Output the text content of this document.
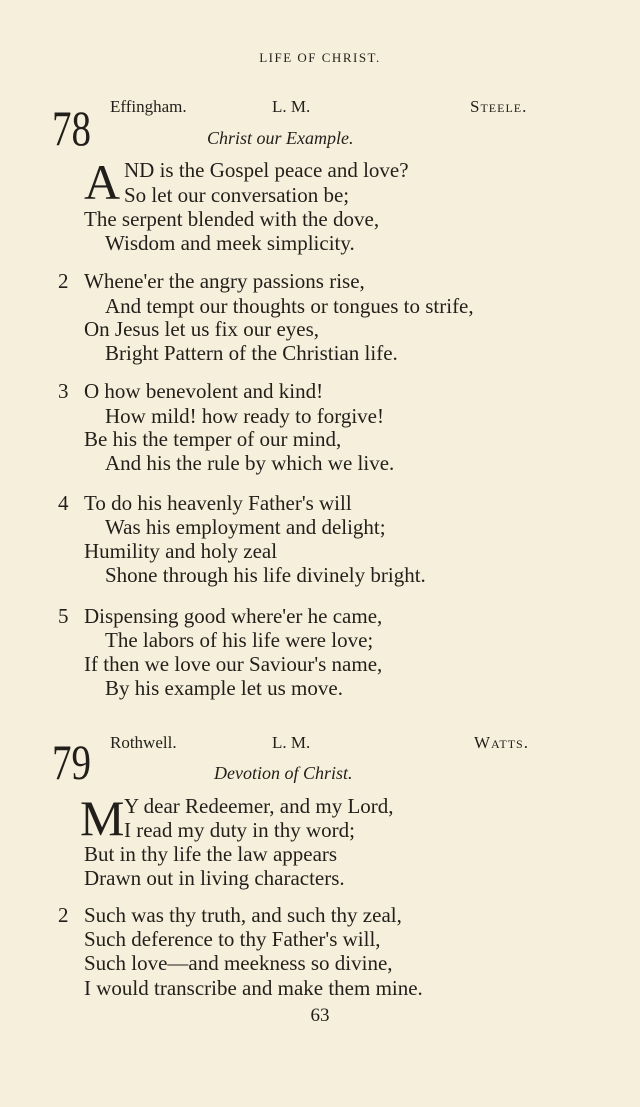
LIFE OF CHRIST.
78 Effingham.	L. M.	Steele.
Christ our Example.
A ND is the Gospel peace and love?
So let our conversation be;
The serpent blended with the dove,
Wisdom and meek simplicity.
2 Whene'er the angry passions rise,
And tempt our thoughts or tongues to strife,
On Jesus let us fix our eyes,
Bright Pattern of the Christian life.
3 O how benevolent and kind!
How mild! how ready to forgive!
Be his the temper of our mind,
And his the rule by which we live.
4 To do his heavenly Father's will
Was his employment and delight;
Humility and holy zeal
Shone through his life divinely bright.
5 Dispensing good where'er he came,
The labors of his life were love;
If then we love our Saviour's name,
By his example let us move.
79 Rothwell.	L. M.	Watts.
Devotion of Christ.
M Y dear Redeemer, and my Lord,
I read my duty in thy word;
But in thy life the law appears
Drawn out in living characters.
2 Such was thy truth, and such thy zeal,
Such deference to thy Father's will,
Such love—and meekness so divine,
I would transcribe and make them mine.
63
